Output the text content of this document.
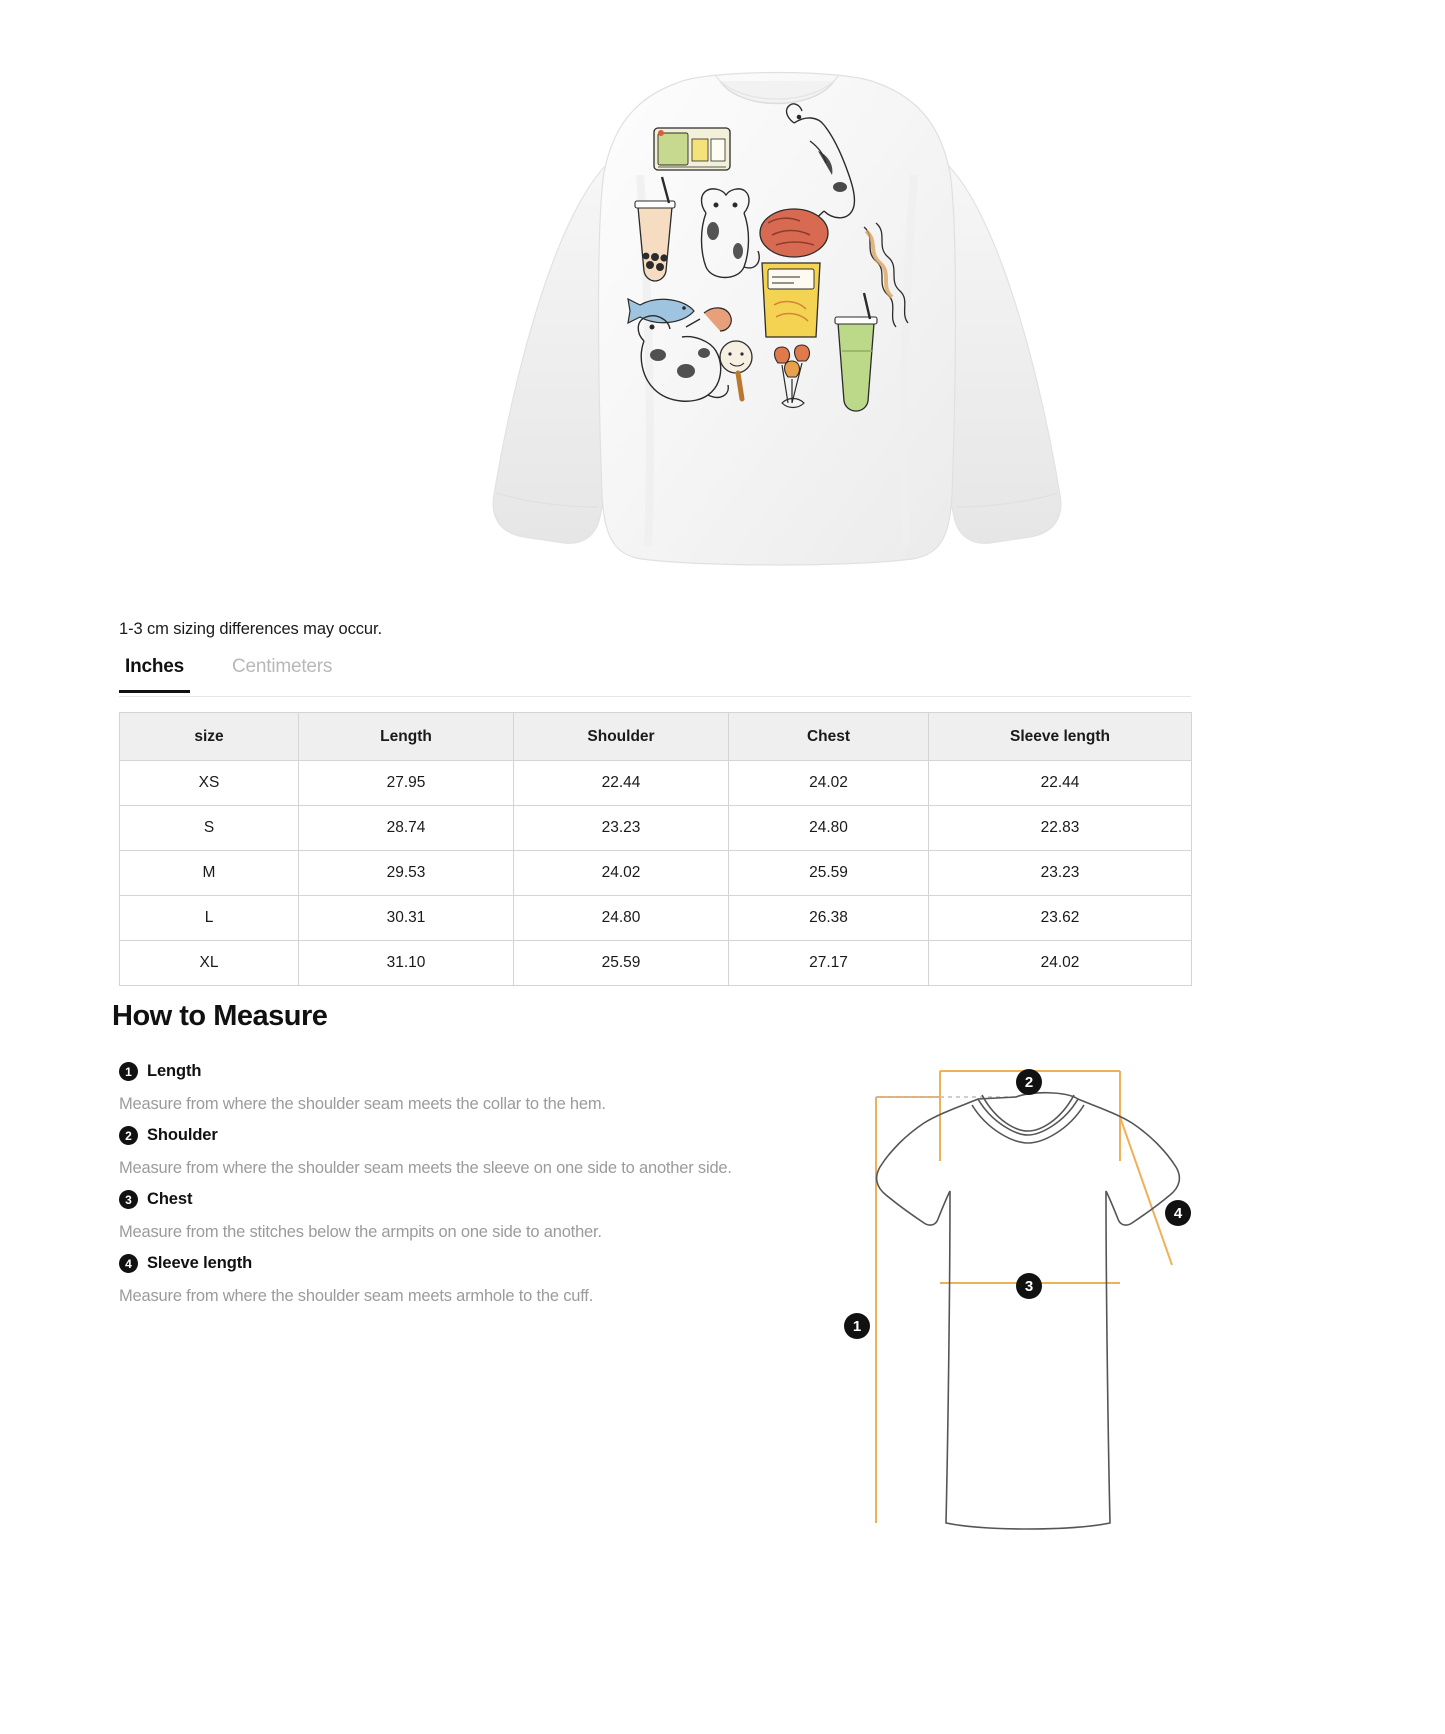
1-3 cm sizing differences may occur.
Inches	Centimeters
size	Length	Shoulder	Chest	Sleeve length
XS	27.95	22.44	24.02	22.44
S	28.74	23.23	24.80	22.83
M	29.53	24.02	25.59	23.23
L	30.31	24.80	26.38	23.62
XL	31.10	25.59	27.17	24.02
How to Measure
1 Length
Measure from where the shoulder seam meets the collar to the hem.
2 Shoulder
Measure from where the shoulder seam meets the sleeve on one side to another side.
3 Chest
Measure from the stitches below the armpits on one side to another.
4 Sleeve length
Measure from where the shoulder seam meets armhole to the cuff.
1
2
3
4
